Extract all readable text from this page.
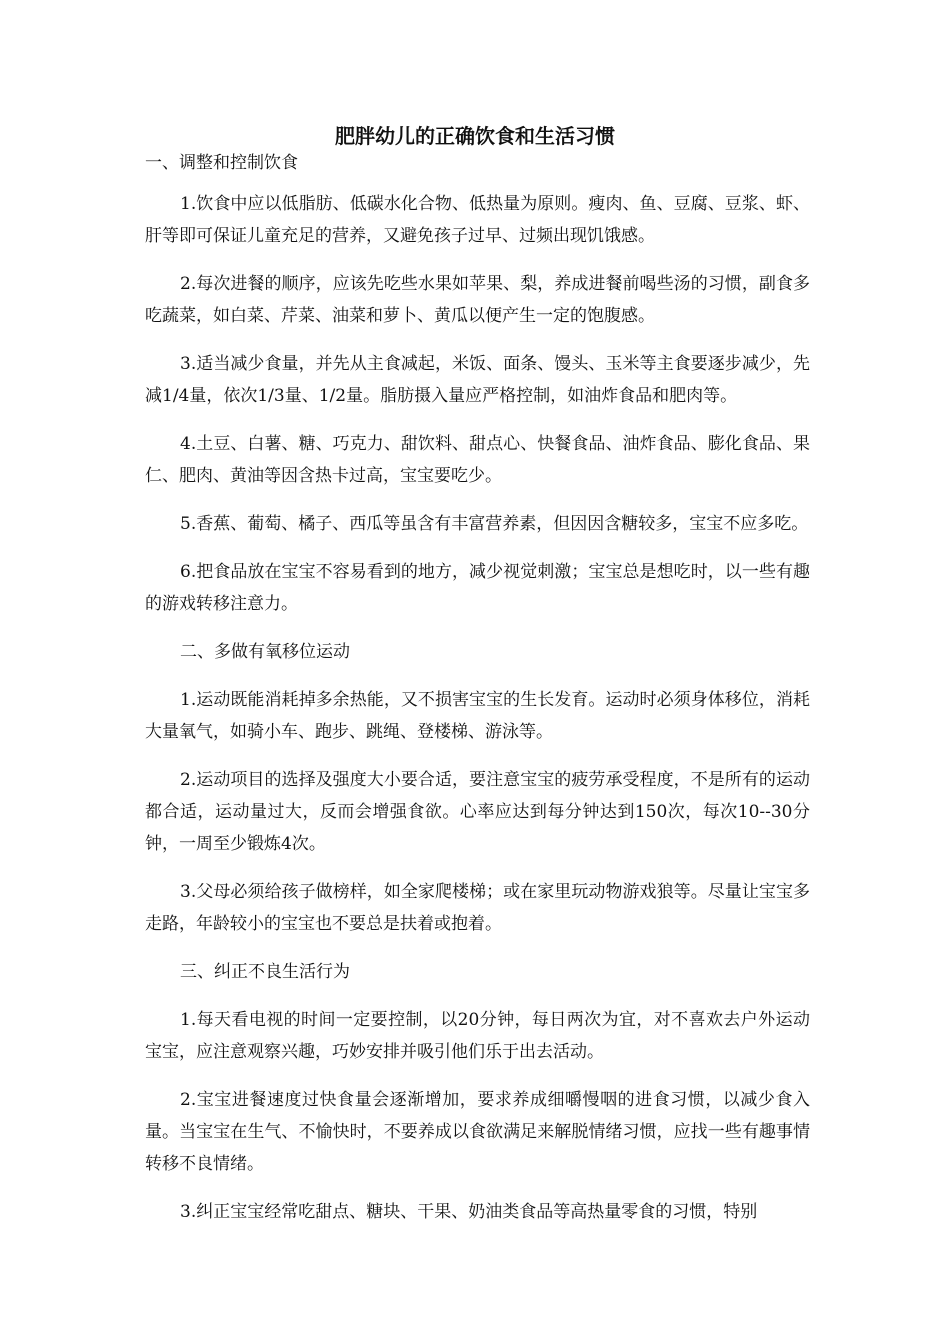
肥胖幼儿的正确饮食和生活习惯

一、调整和控制饮食

1.饮食中应以低脂肪、低碳水化合物、低热量为原则。瘦肉、鱼、豆腐、豆浆、虾、肝等即可保证儿童充足的营养，又避免孩子过早、过频出现饥饿感。

2.每次进餐的顺序，应该先吃些水果如苹果、梨，养成进餐前喝些汤的习惯，副食多吃蔬菜，如白菜、芹菜、油菜和萝卜、黄瓜以便产生一定的饱腹感。

3.适当减少食量，并先从主食减起，米饭、面条、馒头、玉米等主食要逐步减少，先减1/4量，依次1/3量、1/2量。脂肪摄入量应严格控制，如油炸食品和肥肉等。

4.土豆、白薯、糖、巧克力、甜饮料、甜点心、快餐食品、油炸食品、膨化食品、果仁、肥肉、黄油等因含热卡过高，宝宝要吃少。

5.香蕉、葡萄、橘子、西瓜等虽含有丰富营养素，但因因含糖较多，宝宝不应多吃。

6.把食品放在宝宝不容易看到的地方，减少视觉刺激；宝宝总是想吃时，以一些有趣的游戏转移注意力。

二、多做有氧移位运动

1.运动既能消耗掉多余热能，又不损害宝宝的生长发育。运动时必须身体移位，消耗大量氧气，如骑小车、跑步、跳绳、登楼梯、游泳等。

2.运动项目的选择及强度大小要合适，要注意宝宝的疲劳承受程度，不是所有的运动都合适，运动量过大，反而会增强食欲。心率应达到每分钟达到150次，每次10--30分钟，一周至少锻炼4次。

3.父母必须给孩子做榜样，如全家爬楼梯；或在家里玩动物游戏狼等。尽量让宝宝多走路，年龄较小的宝宝也不要总是扶着或抱着。

三、纠正不良生活行为

1.每天看电视的时间一定要控制，以20分钟，每日两次为宜，对不喜欢去户外运动宝宝，应注意观察兴趣，巧妙安排并吸引他们乐于出去活动。

2.宝宝进餐速度过快食量会逐渐增加，要求养成细嚼慢咽的进食习惯，以减少食入量。当宝宝在生气、不愉快时，不要养成以食欲满足来解脱情绪习惯，应找一些有趣事情转移不良情绪。

3.纠正宝宝经常吃甜点、糖块、干果、奶油类食品等高热量零食的习惯，特别
